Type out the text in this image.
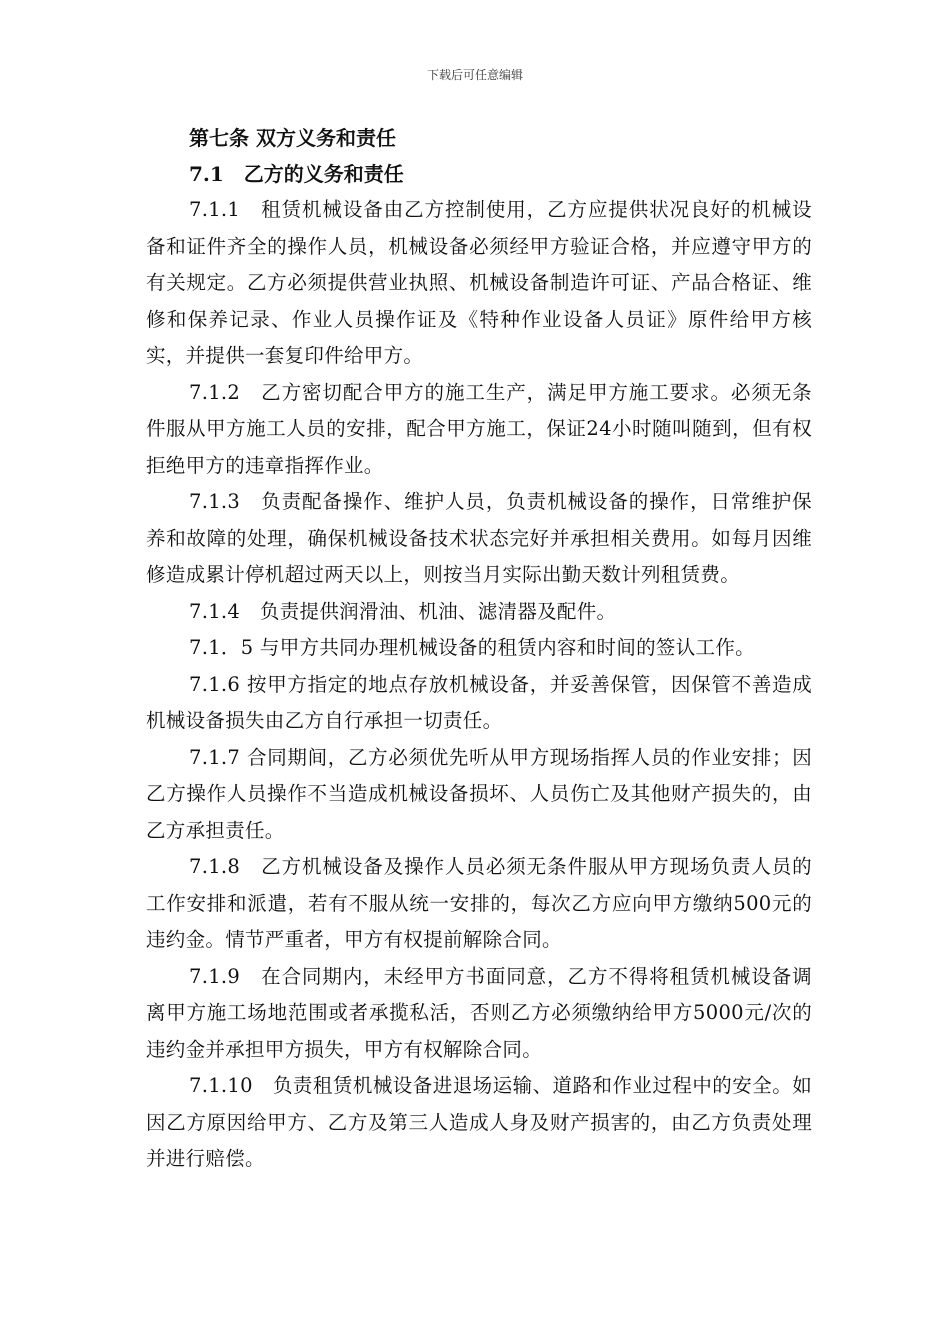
下载后可任意编辑

第七条 双方义务和责任

7.1　乙方的义务和责任

7.1.1　租赁机械设备由乙方控制使用，乙方应提供状况良好的机械设备和证件齐全的操作人员，机械设备必须经甲方验证合格，并应遵守甲方的有关规定。乙方必须提供营业执照、机械设备制造许可证、产品合格证、维修和保养记录、作业人员操作证及《特种作业设备人员证》原件给甲方核实，并提供一套复印件给甲方。

7.1.2　乙方密切配合甲方的施工生产，满足甲方施工要求。必须无条件服从甲方施工人员的安排，配合甲方施工，保证24小时随叫随到，但有权拒绝甲方的违章指挥作业。

7.1.3　负责配备操作、维护人员，负责机械设备的操作，日常维护保养和故障的处理，确保机械设备技术状态完好并承担相关费用。如每月因维修造成累计停机超过两天以上，则按当月实际出勤天数计列租赁费。

7.1.4　负责提供润滑油、机油、滤清器及配件。

7.1．5 与甲方共同办理机械设备的租赁内容和时间的签认工作。

7.1.6 按甲方指定的地点存放机械设备，并妥善保管，因保管不善造成机械设备损失由乙方自行承担一切责任。

7.1.7 合同期间，乙方必须优先听从甲方现场指挥人员的作业安排；因乙方操作人员操作不当造成机械设备损坏、人员伤亡及其他财产损失的，由乙方承担责任。

7.1.8　乙方机械设备及操作人员必须无条件服从甲方现场负责人员的工作安排和派遣，若有不服从统一安排的，每次乙方应向甲方缴纳500元的违约金。情节严重者，甲方有权提前解除合同。

7.1.9　在合同期内，未经甲方书面同意，乙方不得将租赁机械设备调离甲方施工场地范围或者承揽私活，否则乙方必须缴纳给甲方5000元/次的违约金并承担甲方损失，甲方有权解除合同。

7.1.10　负责租赁机械设备进退场运输、道路和作业过程中的安全。如因乙方原因给甲方、乙方及第三人造成人身及财产损害的，由乙方负责处理并进行赔偿。
